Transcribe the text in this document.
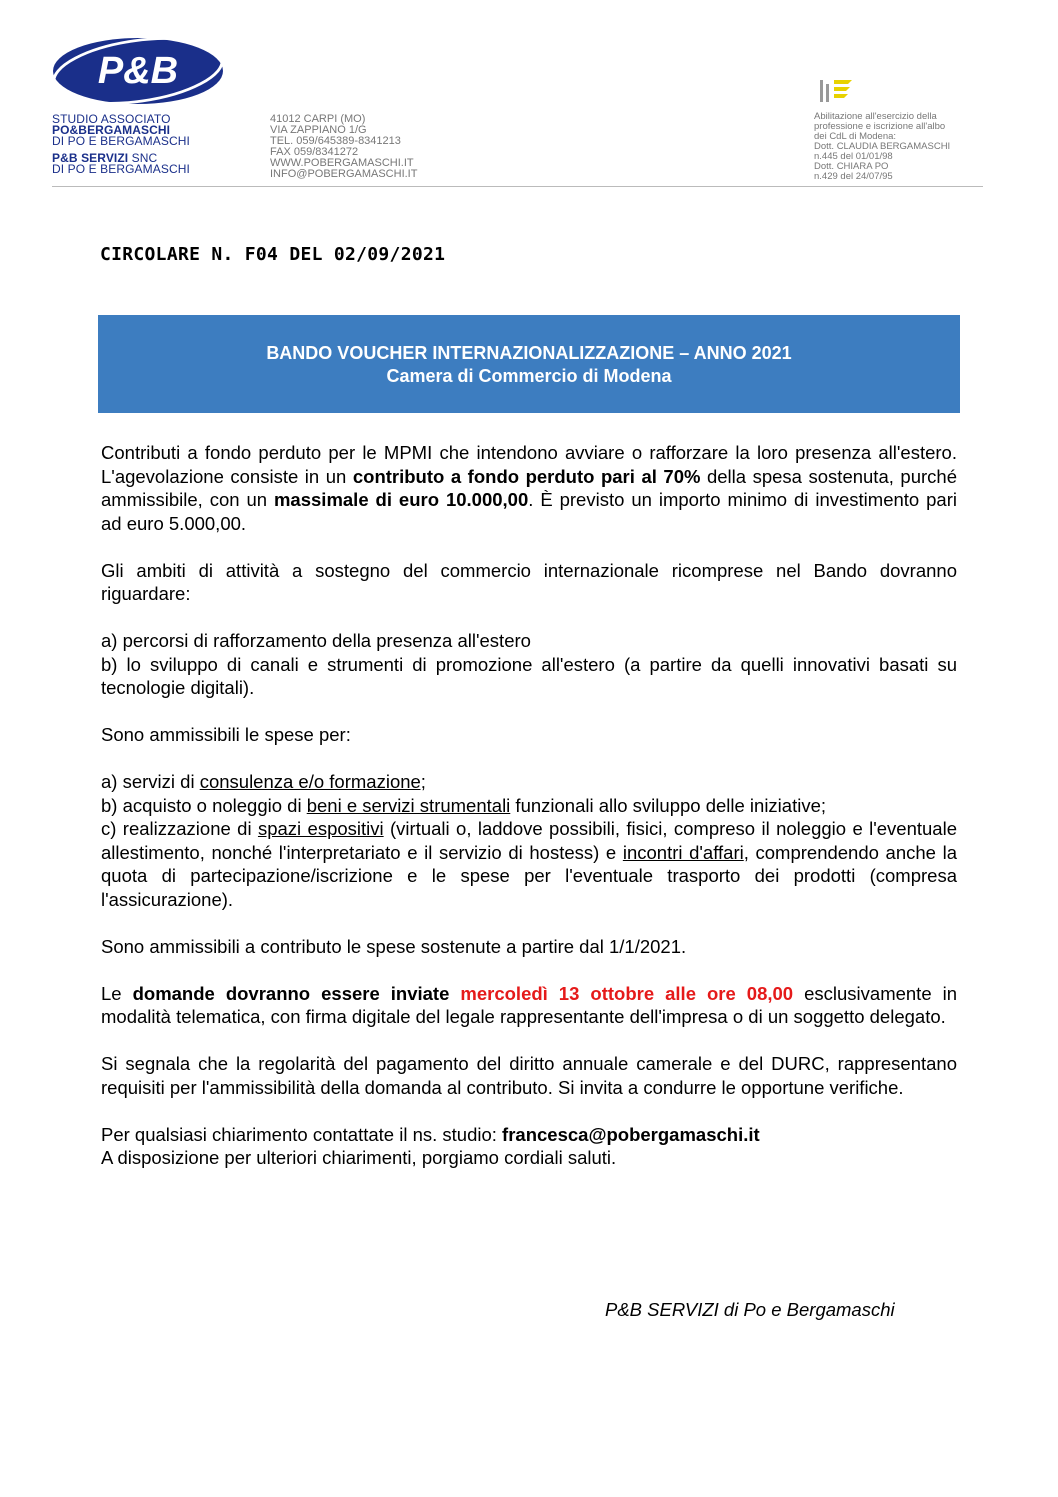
P&B
STUDIO ASSOCIATO
PO&BERGAMASCHI
DI PO E BERGAMASCHI
P&B SERVIZI SNC
DI PO E BERGAMASCHI
41012 CARPI (MO)
VIA ZAPPIANO 1/G
TEL. 059/645389-8341213
FAX 059/8341272
WWW.POBERGAMASCHI.IT
INFO@POBERGAMASCHI.IT
Abilitazione all'esercizio della
professione e iscrizione all'albo
dei CdL di Modena:
Dott. CLAUDIA BERGAMASCHI
n.445 del 01/01/98
Dott. CHIARA PO
n.429 del 24/07/95
CIRCOLARE N. F04 DEL 02/09/2021
BANDO VOUCHER INTERNAZIONALIZZAZIONE – ANNO 2021
Camera di Commercio di Modena

Contributi a fondo perduto per le MPMI che intendono avviare o rafforzare la loro presenza all'estero. L'agevolazione consiste in un contributo a fondo perduto pari al 70% della spesa sostenuta, purché ammissibile, con un massimale di euro 10.000,00. È previsto un importo minimo di investimento pari ad euro 5.000,00.

Gli ambiti di attività a sostegno del commercio internazionale ricomprese nel Bando dovranno riguardare:

a) percorsi di rafforzamento della presenza all'estero

b) lo sviluppo di canali e strumenti di promozione all'estero (a partire da quelli innovativi basati su tecnologie digitali).

Sono ammissibili le spese per:

a) servizi di consulenza e/o formazione;

b) acquisto o noleggio di beni e servizi strumentali funzionali allo sviluppo delle iniziative;

c) realizzazione di spazi espositivi (virtuali o, laddove possibili, fisici, compreso il noleggio e l'eventuale allestimento, nonché l'interpretariato e il servizio di hostess) e incontri d'affari, comprendendo anche la quota di partecipazione/iscrizione e le spese per l'eventuale trasporto dei prodotti (compresa l'assicurazione).

Sono ammissibili a contributo le spese sostenute a partire dal 1/1/2021.

Le domande dovranno essere inviate mercoledì 13 ottobre alle ore 08,00 esclusivamente in modalità telematica, con firma digitale del legale rappresentante dell'impresa o di un soggetto delegato.

Si segnala che la regolarità del pagamento del diritto annuale camerale e del DURC, rappresentano requisiti per l'ammissibilità della domanda al contributo. Si invita a condurre le opportune verifiche.

Per qualsiasi chiarimento contattate il ns. studio: francesca@pobergamaschi.it

A disposizione per ulteriori chiarimenti, porgiamo cordiali saluti.

P&B SERVIZI di Po e Bergamaschi
